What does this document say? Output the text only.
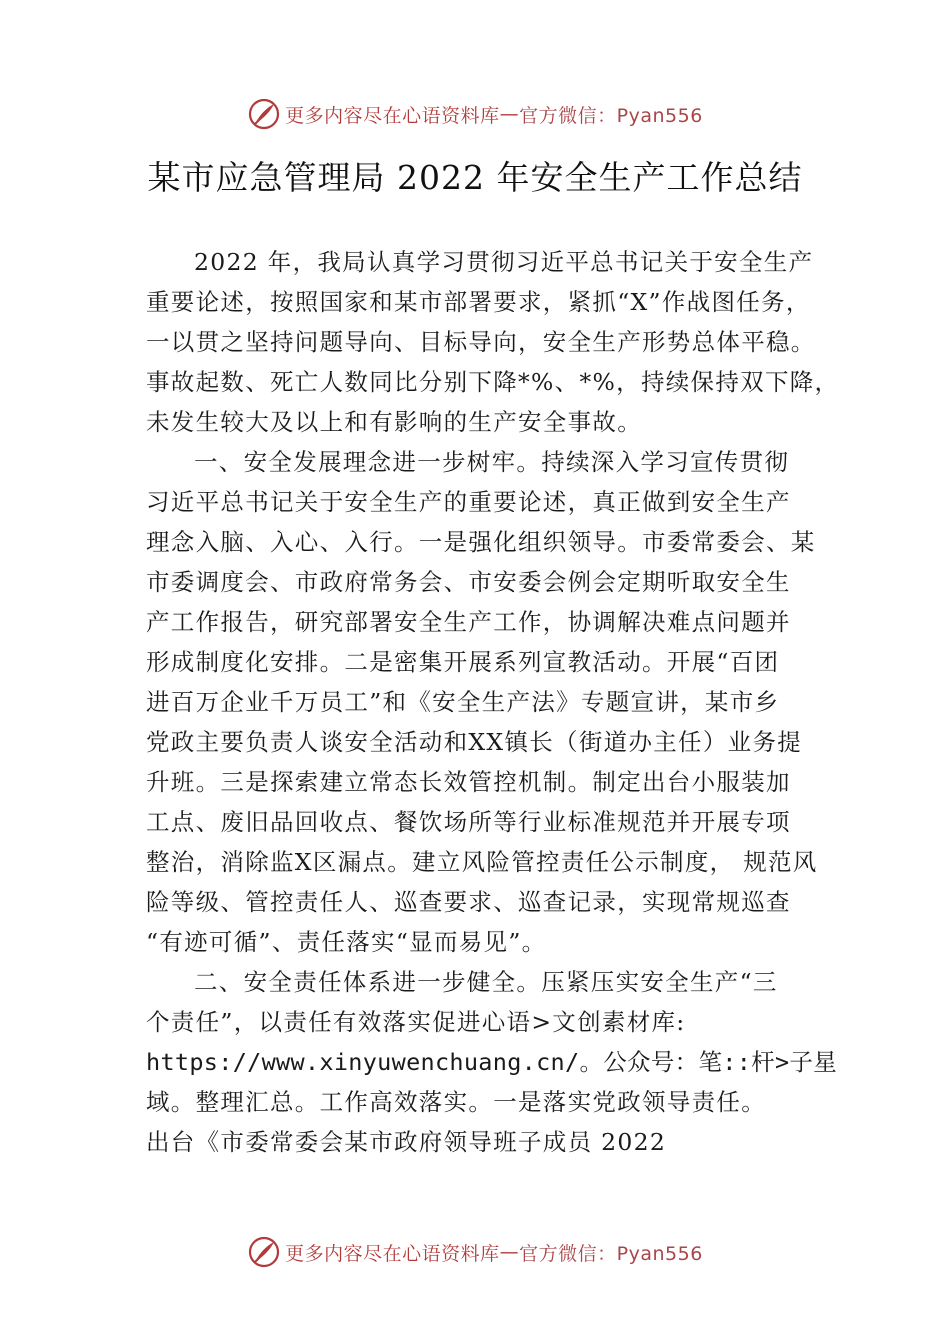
更多内容尽在心语资料库 — 官方微信：Pyan556
某市应急管理局 2022 年安全生产工作总结
2022 年，我局认真学习贯彻习近平总书记关于安全生产
重要论述，按照国家和某市部署要求，紧抓“X”作战图任务，
一以贯之坚持问题导向、目标导向，安全生产形势总体平稳。
事故起数、死亡人数同比分别下降*%、*%，持续保持双下降，
未发生较大及以上和有影响的生产安全事故。
一、安全发展理念进一步树牢。持续深入学习宣传贯彻
习近平总书记关于安全生产的重要论述，真正做到安全生产
理念入脑、入心、入行。一是强化组织领导。市委常委会、某
市委调度会、市政府常务会、市安委会例会定期听取安全生
产工作报告，研究部署安全生产工作，协调解决难点问题并
形成制度化安排。二是密集开展系列宣教活动。开展“百团
进百万企业千万员工”和《安全生产法》专题宣讲，某市乡
党政主要负责人谈安全活动和XX镇长（街道办主任）业务提
升班。三是探索建立常态长效管控机制。制定出台小服装加
工点、废旧品回收点、餐饮场所等行业标准规范并开展专项
整治，消除监X区漏点。建立风险管控责任公示制度， 规范风
险等级、管控责任人、巡查要求、巡查记录，实现常规巡查
“有迹可循”、责任落实“显而易见”。
二、安全责任体系进一步健全。压紧压实安全生产“三
个责任”，以责任有效落实促进心语>文创素材库:
https://www.xinyuwenchuang.cn/。公众号：笔::杆>子星
域。整理汇总。工作高效落实。一是落实党政领导责任。
出台《市委常委会某市政府领导班子成员 2022
更多内容尽在心语资料库 — 官方微信：Pyan556
